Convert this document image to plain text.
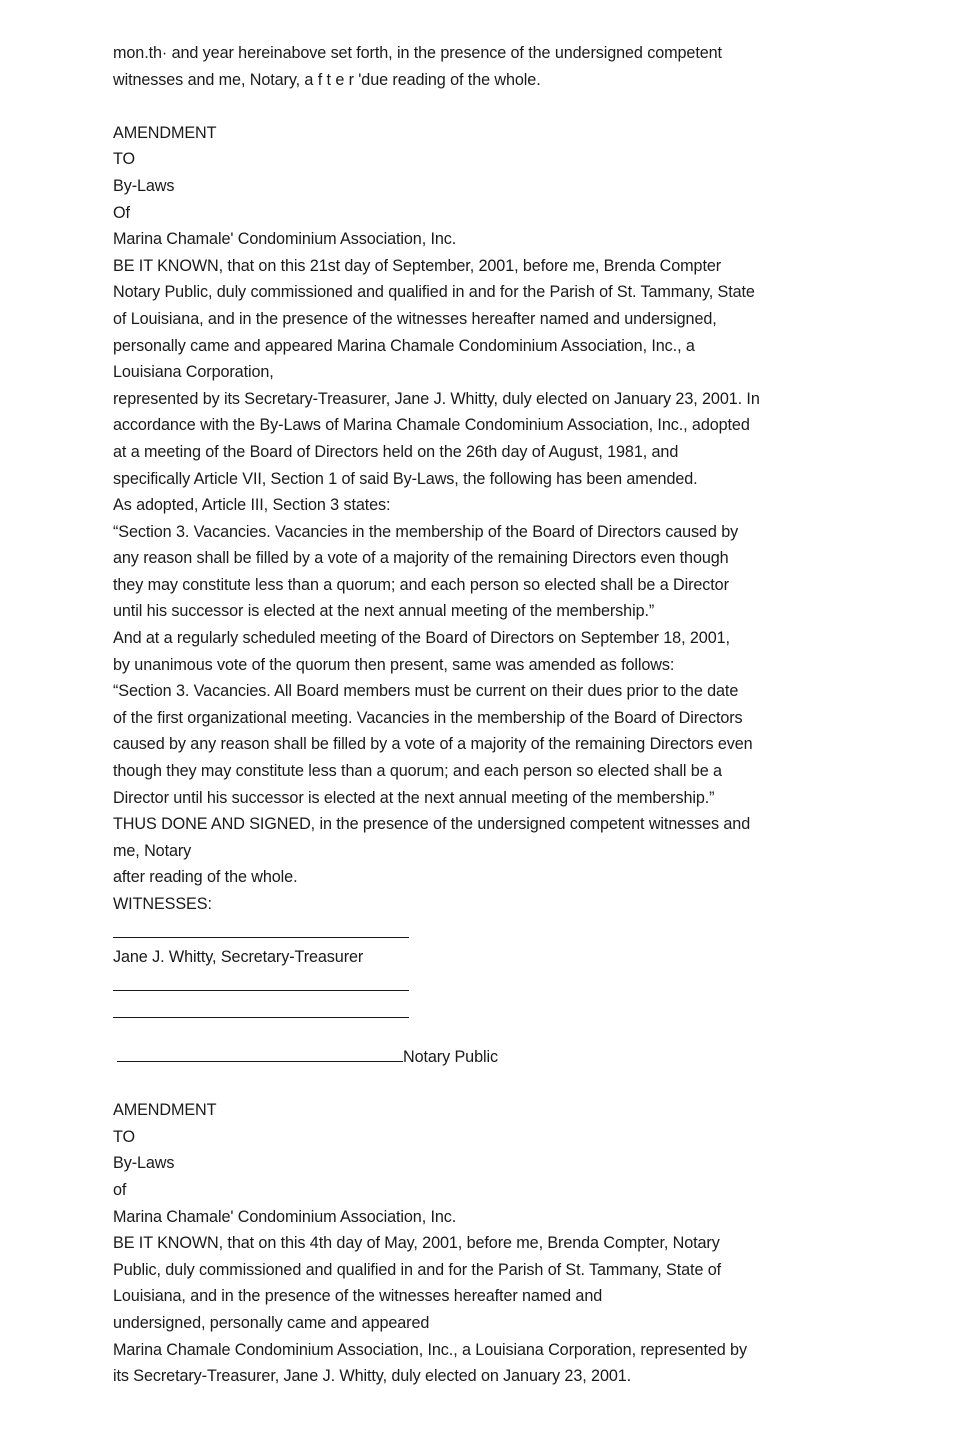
mon.th· and year hereinabove set forth, in the presence of the undersigned competent
witnesses and me, Notary, a f t e r 'due reading of the whole.
AMENDMENT
TO
By-Laws
Of
Marina Chamale' Condominium Association, Inc.
BE IT KNOWN, that on this 21st day of September, 2001, before me, Brenda Compter
Notary Public, duly commissioned and qualified in and for the Parish of St. Tammany, State
of Louisiana, and in the presence of the witnesses hereafter named and undersigned,
personally came and appeared Marina Chamale Condominium Association, Inc., a
Louisiana Corporation,
represented by its Secretary-Treasurer, Jane J. Whitty, duly elected on January 23, 2001. In
accordance with the By-Laws of Marina Chamale Condominium Association, Inc., adopted
at a meeting of the Board of Directors held on the 26th day of August, 1981, and
specifically Article VII, Section 1 of said By-Laws, the following has been amended.
As adopted, Article III, Section 3 states:
“Section 3. Vacancies. Vacancies in the membership of the Board of Directors caused by
any reason shall be filled by a vote of a majority of the remaining Directors even though
they may constitute less than a quorum; and each person so elected shall be a Director
until his successor is elected at the next annual meeting of the membership.”
And at a regularly scheduled meeting of the Board of Directors on September 18, 2001,
by unanimous vote of the quorum then present, same was amended as follows:
“Section 3. Vacancies. All Board members must be current on their dues prior to the date
of the first organizational meeting. Vacancies in the membership of the Board of Directors
caused by any reason shall be filled by a vote of a majority of the remaining Directors even
though they may constitute less than a quorum; and each person so elected shall be a
Director until his successor is elected at the next annual meeting of the membership.”
THUS DONE AND SIGNED, in the presence of the undersigned competent witnesses and
me, Notary
after reading of the whole.
WITNESSES:
Jane J. Whitty, Secretary-Treasurer
Notary Public
AMENDMENT
TO
By-Laws
of
Marina Chamale' Condominium Association, Inc.
BE IT KNOWN, that on this 4th day of May, 2001, before me, Brenda Compter, Notary
Public, duly commissioned and qualified in and for the Parish of St. Tammany, State of
Louisiana, and in the presence of the witnesses hereafter named and
undersigned, personally came and appeared
Marina Chamale Condominium Association, Inc., a Louisiana Corporation, represented by
its Secretary-Treasurer, Jane J. Whitty, duly elected on January 23, 2001.
